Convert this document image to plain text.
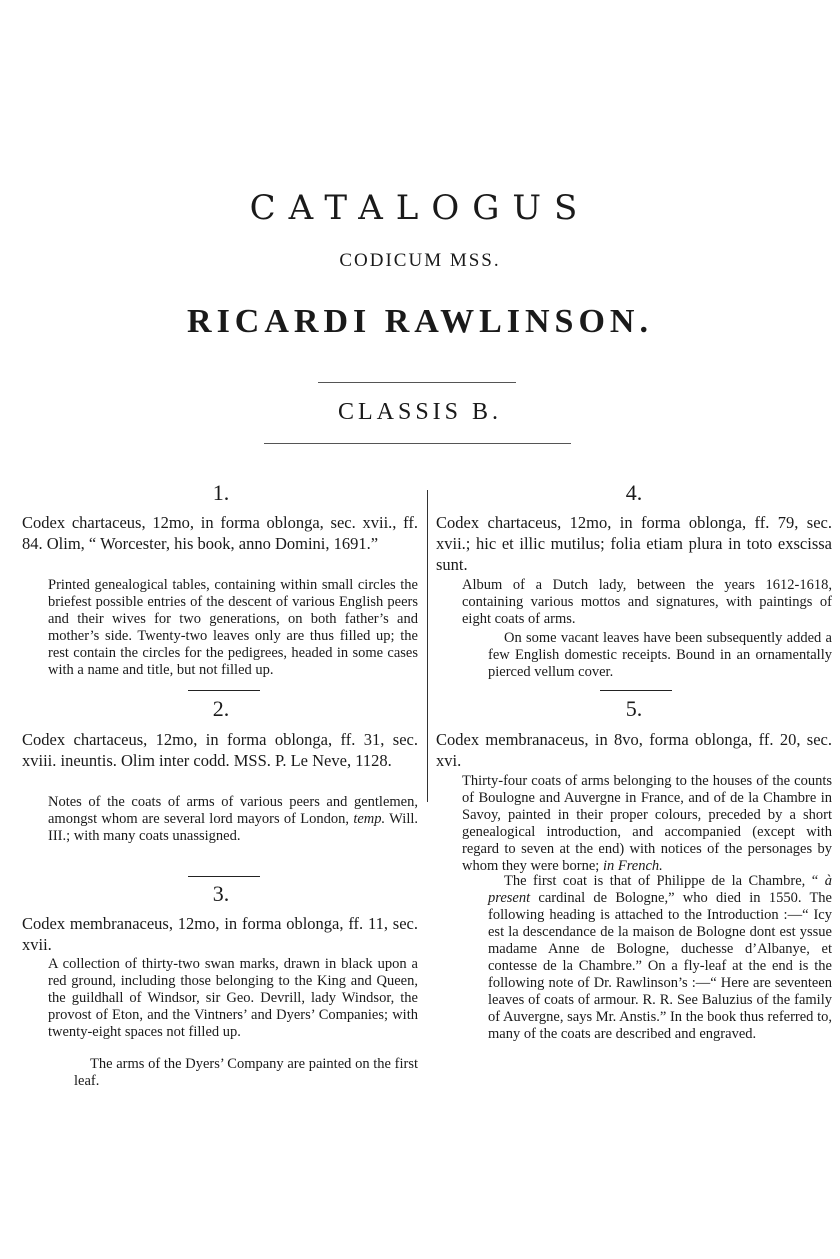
CATALOGUS
CODICUM MSS.
RICARDI RAWLINSON.
CLASSIS B.
1.
Codex chartaceus, 12mo, in forma oblonga, sec. xvii., ff. 84. Olim, “ Worcester, his book, anno Domini, 1691.”
Printed genealogical tables, containing within small circles the briefest possible entries of the descent of various English peers and their wives for two generations, on both father’s and mother’s side. Twenty-two leaves only are thus filled up; the rest contain the circles for the pedigrees, headed in some cases with a name and title, but not filled up.
2.
Codex chartaceus, 12mo, in forma oblonga, ff. 31, sec. xviii. ineuntis. Olim inter codd. MSS. P. Le Neve, 1128.
Notes of the coats of arms of various peers and gentlemen, amongst whom are several lord mayors of London, temp. Will. III.; with many coats unassigned.
3.
Codex membranaceus, 12mo, in forma oblonga, ff. 11, sec. xvii.
A collection of thirty-two swan marks, drawn in black upon a red ground, including those belonging to the King and Queen, the guildhall of Windsor, sir Geo. Devrill, lady Windsor, the provost of Eton, and the Vintners’ and Dyers’ Companies; with twenty-eight spaces not filled up.
The arms of the Dyers’ Company are painted on the first leaf.
4.
Codex chartaceus, 12mo, in forma oblonga, ff. 79, sec. xvii.; hic et illic mutilus; folia etiam plura in toto exscissa sunt.
Album of a Dutch lady, between the years 1612-1618, containing various mottos and signatures, with paintings of eight coats of arms.
On some vacant leaves have been subsequently added a few English domestic receipts. Bound in an ornamentally pierced vellum cover.
5.
Codex membranaceus, in 8vo, forma oblonga, ff. 20, sec. xvi.
Thirty-four coats of arms belonging to the houses of the counts of Boulogne and Auvergne in France, and of de la Chambre in Savoy, painted in their proper colours, preceded by a short genealogical introduction, and accompanied (except with regard to seven at the end) with notices of the personages by whom they were borne; in French.
The first coat is that of Philippe de la Chambre, “ à present cardinal de Bologne,” who died in 1550. The following heading is attached to the Introduction :—“ Icy est la descendance de la maison de Bologne dont est yssue madame Anne de Bologne, duchesse d’Albanye, et contesse de la Chambre.” On a fly-leaf at the end is the following note of Dr. Rawlinson’s :—“ Here are seventeen leaves of coats of armour. R. R. See Baluzius of the family of Auvergne, says Mr. Anstis.” In the book thus referred to, many of the coats are described and engraved.
